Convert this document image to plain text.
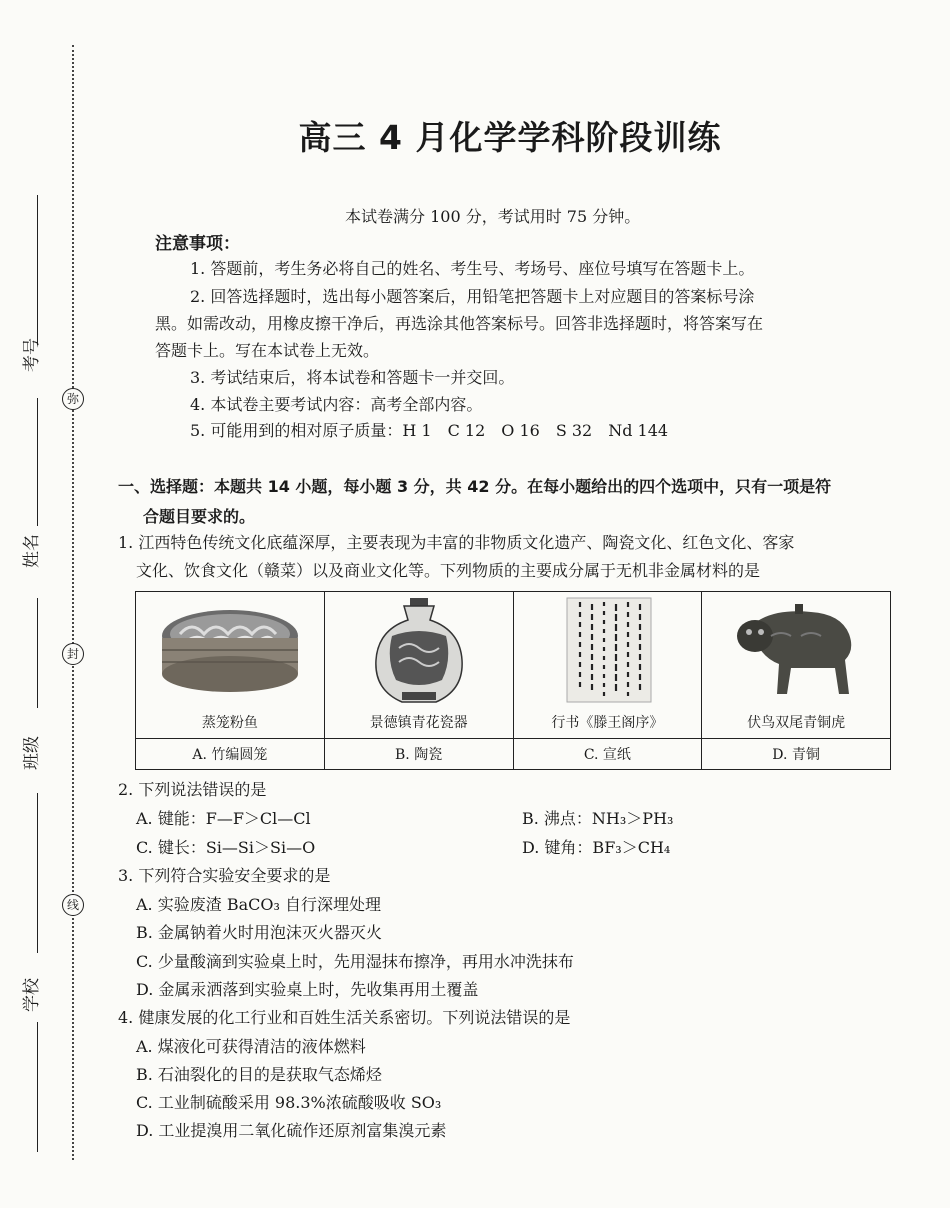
考号
姓名
班级
学校
弥
封
线
高三 4 月化学学科阶段训练
本试卷满分 100 分，考试用时 75 分钟。
注意事项：
1. 答题前，考生务必将自己的姓名、考生号、考场号、座位号填写在答题卡上。
2. 回答选择题时，选出每小题答案后，用铅笔把答题卡上对应题目的答案标号涂
黑。如需改动，用橡皮擦干净后，再选涂其他答案标号。回答非选择题时，将答案写在
答题卡上。写在本试卷上无效。
3. 考试结束后，将本试卷和答题卡一并交回。
4. 本试卷主要考试内容：高考全部内容。
5. 可能用到的相对原子质量：H 1　C 12　O 16　S 32　Nd 144
一、选择题：本题共 14 小题，每小题 3 分，共 42 分。在每小题给出的四个选项中，只有一项是符
合题目要求的。
1. 江西特色传统文化底蕴深厚，主要表现为丰富的非物质文化遗产、陶瓷文化、红色文化、客家
文化、饮食文化（赣菜）以及商业文化等。下列物质的主要成分属于无机非金属材料的是
蒸笼粉鱼	景德镇青花瓷器	行书《滕王阁序》	伏鸟双尾青铜虎

A. 竹编圆笼	B. 陶瓷	C. 宣纸	D. 青铜
2. 下列说法错误的是
A. 键能：F—F＞Cl—Cl	B. 沸点：NH₃＞PH₃
C. 键长：Si—Si＞Si—O	D. 键角：BF₃＞CH₄
3. 下列符合实验安全要求的是
A. 实验废渣 BaCO₃ 自行深埋处理
B. 金属钠着火时用泡沫灭火器灭火
C. 少量酸滴到实验桌上时，先用湿抹布擦净，再用水冲洗抹布
D. 金属汞洒落到实验桌上时，先收集再用土覆盖
4. 健康发展的化工行业和百姓生活关系密切。下列说法错误的是
A. 煤液化可获得清洁的液体燃料
B. 石油裂化的目的是获取气态烯烃
C. 工业制硫酸采用 98.3%浓硫酸吸收 SO₃
D. 工业提溴用二氧化硫作还原剂富集溴元素
